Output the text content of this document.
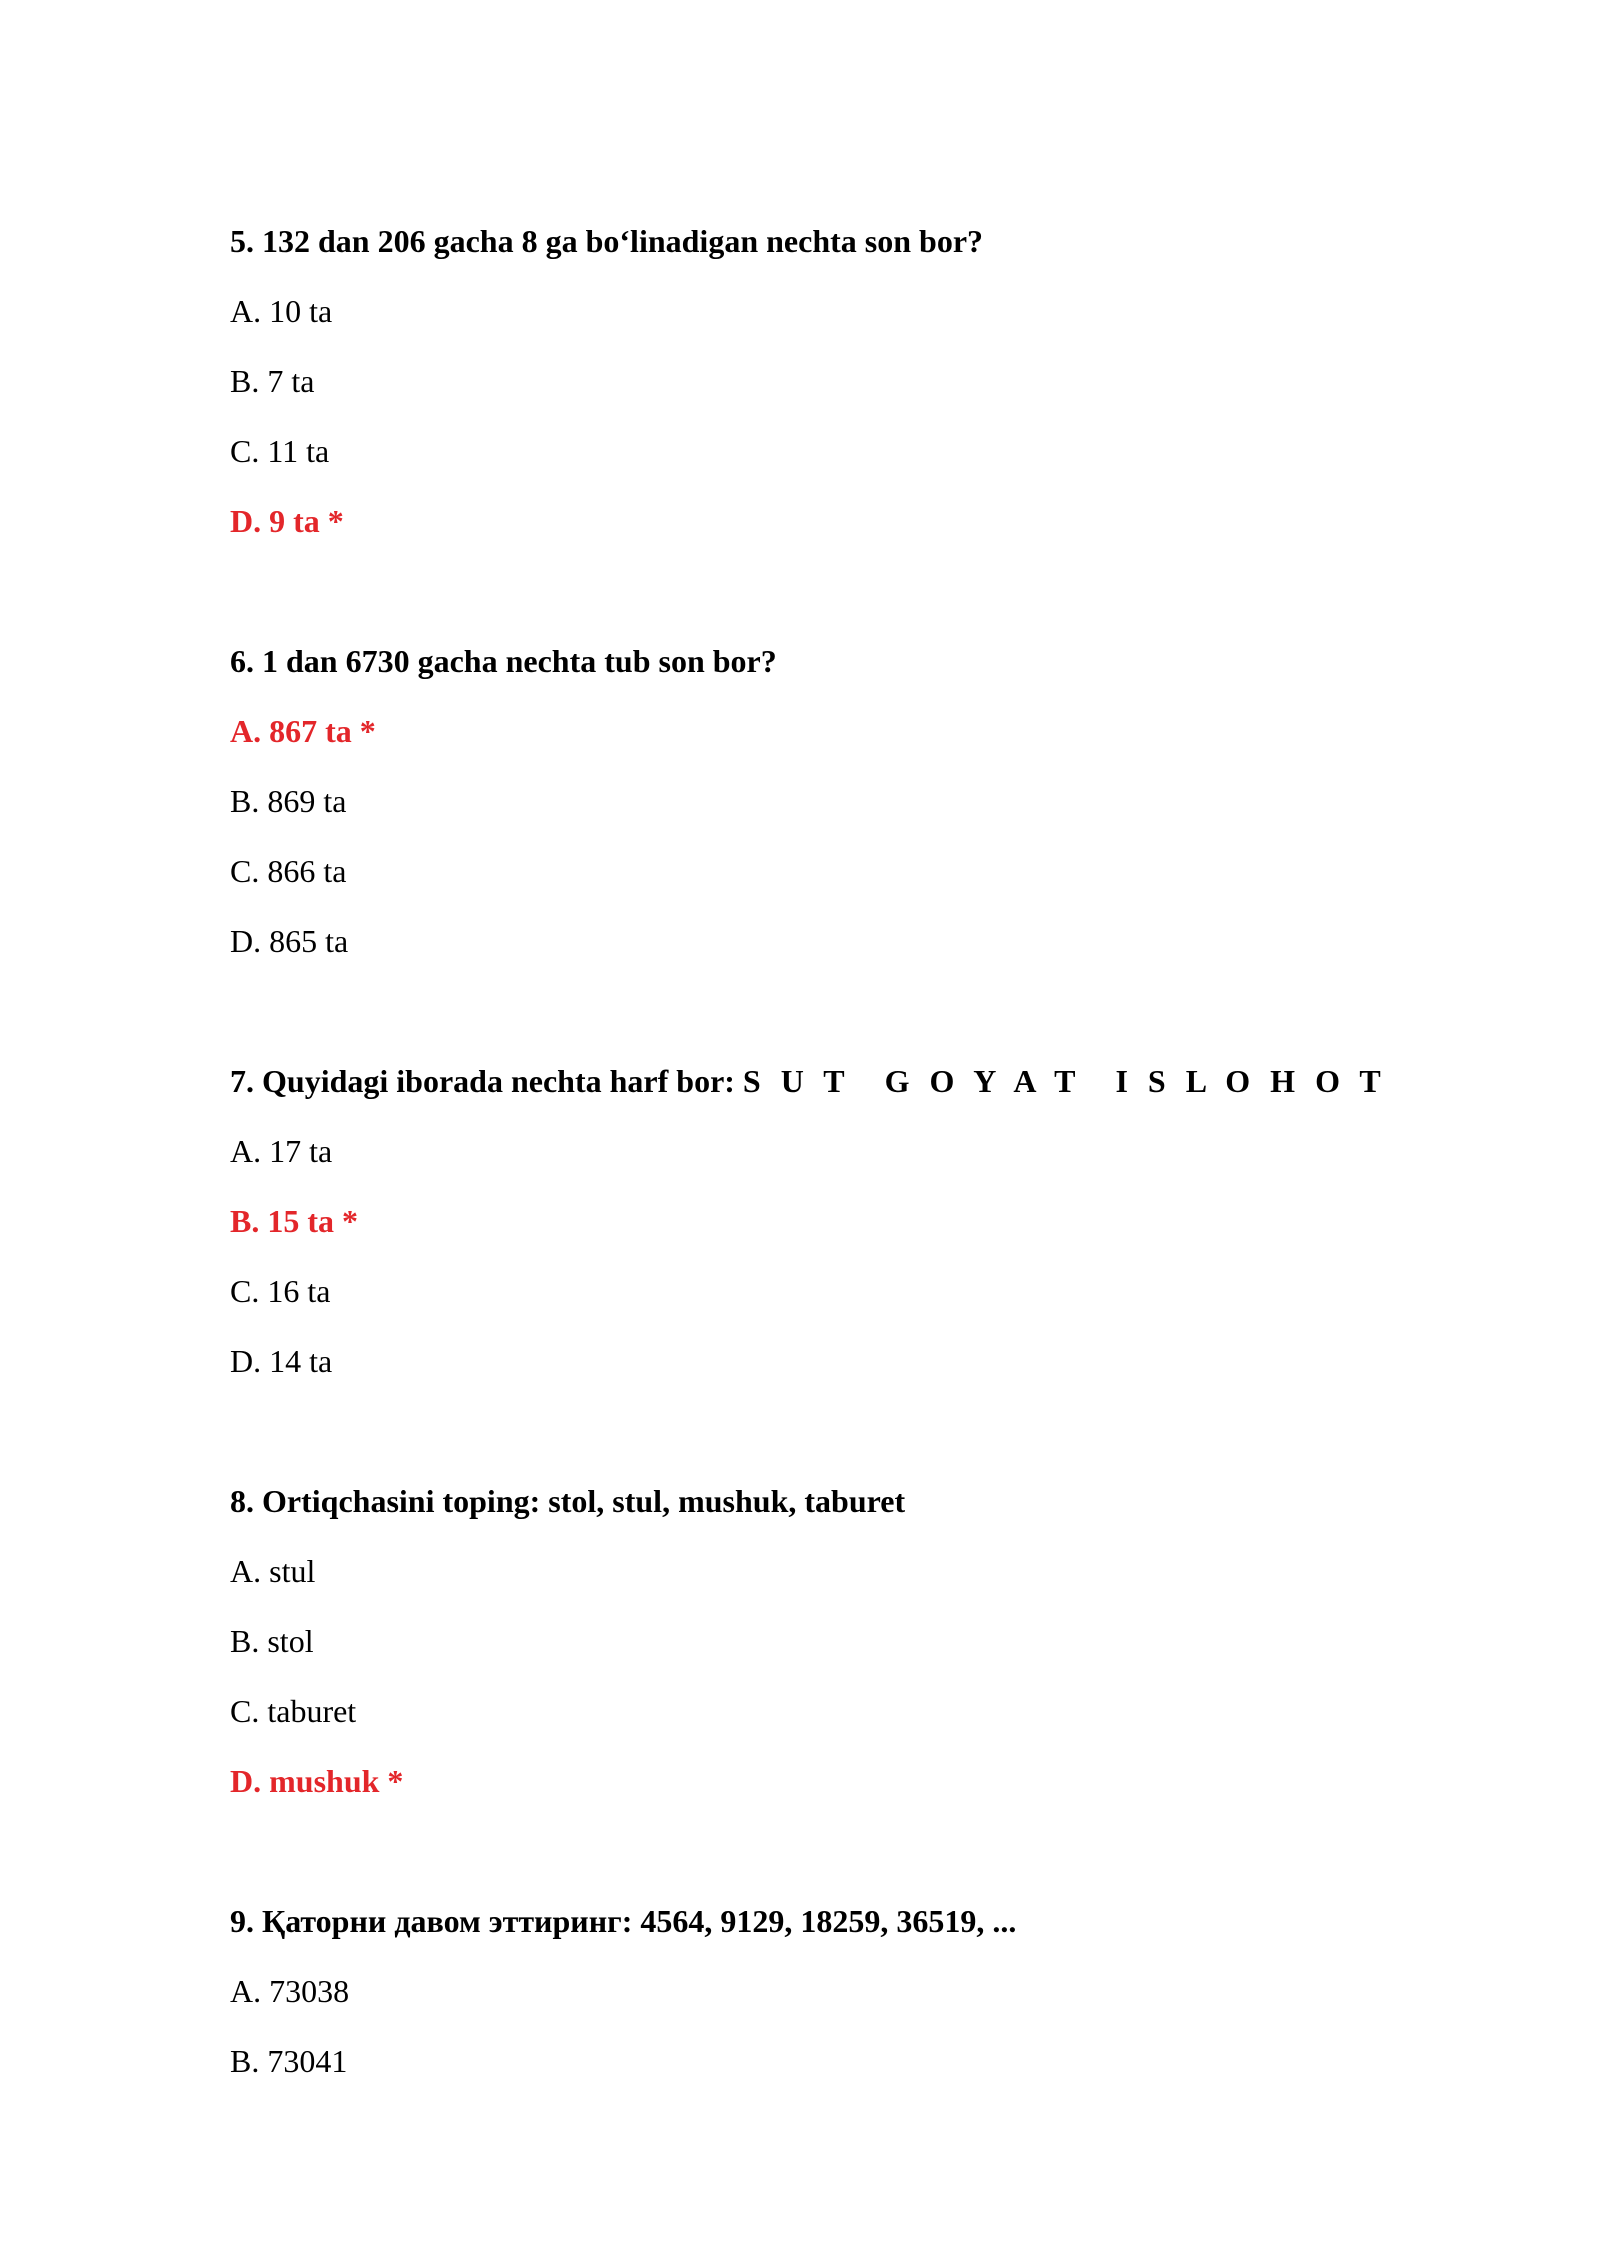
5. 132 dan 206 gacha 8 ga bo‘linadigan nechta son bor?
A. 10 ta
B. 7 ta
C. 11 ta
D. 9 ta *
6. 1 dan 6730 gacha nechta tub son bor?
A. 867 ta *
B. 869 ta
C. 866 ta
D. 865 ta
7. Quyidagi iborada nechta harf bor: S U T G O Y A T I S L O H O T
A. 17 ta
B. 15 ta *
C. 16 ta
D. 14 ta
8. Ortiqchasini toping: stol, stul, mushuk, taburet
A. stul
B. stol
C. taburet
D. mushuk *
9. Қаторни давом эттиринг: 4564, 9129, 18259, 36519, ...
A. 73038
B. 73041
